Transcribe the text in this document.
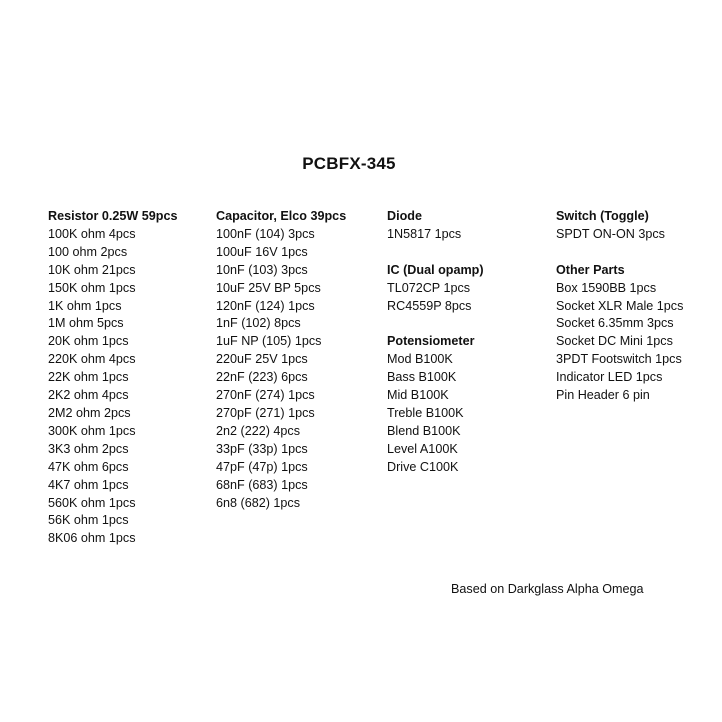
PCBFX-345
Resistor 0.25W 59pcs
100K ohm 4pcs
100 ohm 2pcs
10K ohm 21pcs
150K ohm 1pcs
1K ohm 1pcs
1M ohm 5pcs
20K ohm 1pcs
220K ohm 4pcs
22K ohm 1pcs
2K2 ohm 4pcs
2M2 ohm 2pcs
300K ohm 1pcs
3K3 ohm 2pcs
47K ohm 6pcs
4K7 ohm 1pcs
560K ohm 1pcs
56K ohm 1pcs
8K06 ohm 1pcs
Capacitor, Elco 39pcs
100nF (104) 3pcs
100uF 16V 1pcs
10nF (103) 3pcs
10uF 25V BP 5pcs
120nF (124) 1pcs
1nF (102) 8pcs
1uF NP (105) 1pcs
220uF 25V 1pcs
22nF (223) 6pcs
270nF (274) 1pcs
270pF (271) 1pcs
2n2 (222) 4pcs
33pF (33p) 1pcs
47pF (47p) 1pcs
68nF (683) 1pcs
6n8 (682) 1pcs
Diode
1N5817 1pcs
IC (Dual opamp)
TL072CP 1pcs
RC4559P 8pcs
Potensiometer
Mod B100K
Bass B100K
Mid B100K
Treble B100K
Blend B100K
Level A100K
Drive C100K
Switch (Toggle)
SPDT ON-ON 3pcs
Other Parts
Box 1590BB 1pcs
Socket XLR Male 1pcs
Socket 6.35mm 3pcs
Socket DC Mini 1pcs
3PDT Footswitch 1pcs
Indicator LED 1pcs
Pin Header 6 pin
Based on Darkglass Alpha Omega
